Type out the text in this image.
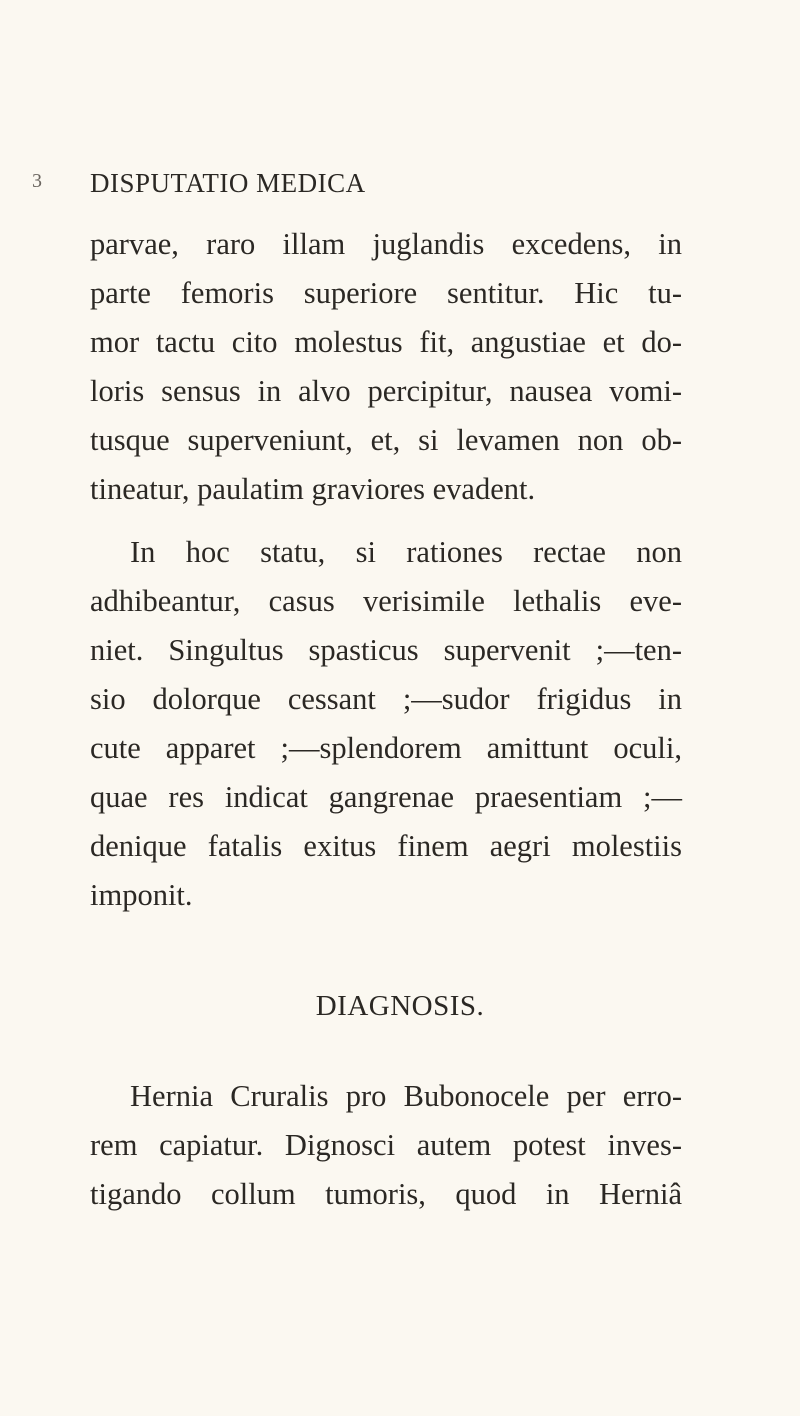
3 DISPUTATIO MEDICA
parvae, raro illam juglandis excedens, in
parte femoris superiore sentitur. Hic tu-
mor tactu cito molestus fit, angustiae et do-
loris sensus in alvo percipitur, nausea vomi-
tusque superveniunt, et, si levamen non ob-
tineatur, paulatim graviores evadent.
In hoc statu, si rationes rectae non
adhibeantur, casus verisimile lethalis eve-
niet. Singultus spasticus supervenit ;—ten-
sio dolorque cessant ;—sudor frigidus in
cute apparet ;—splendorem amittunt oculi,
quae res indicat gangrenae praesentiam ;—
denique fatalis exitus finem aegri molestiis
imponit.
DIAGNOSIS.
Hernia Cruralis pro Bubonocele per erro-
rem capiatur. Dignosci autem potest inves-
tigando collum tumoris, quod in Herniâ
